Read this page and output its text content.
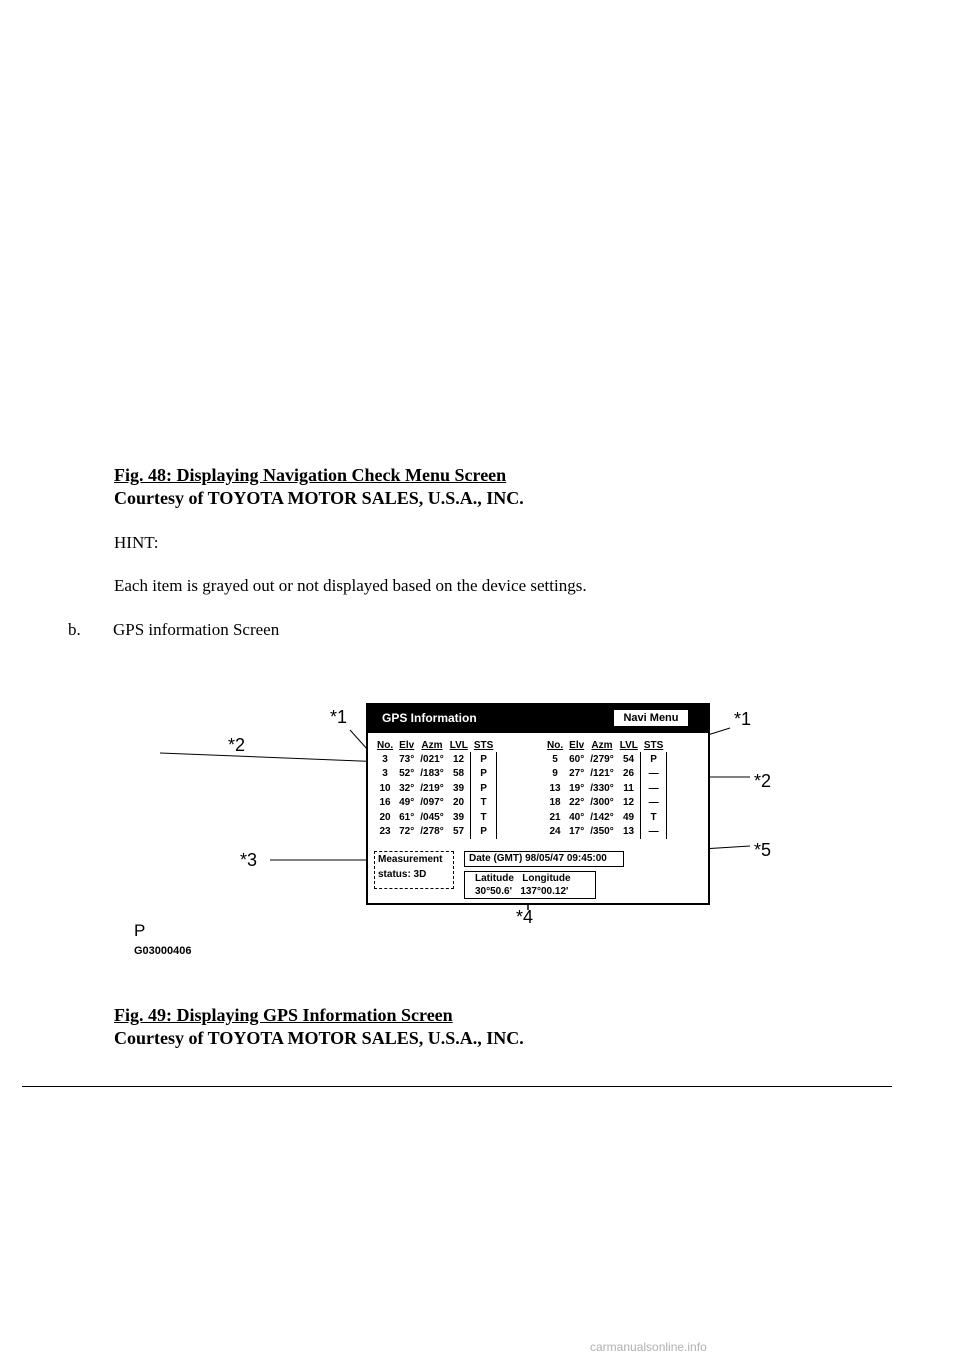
Fig. 48: Displaying Navigation Check Menu Screen
Courtesy of TOYOTA MOTOR SALES, U.S.A., INC.
HINT:
Each item is grayed out or not displayed based on the device settings.
b. GPS information Screen
GPS Information	Navi Menu
No.	Elv	Azm	LVL	STS
3	73°	/021°	12	P
3	52°	/183°	58	P
10	32°	/219°	39	P
16	49°	/097°	20	T
20	61°	/045°	39	T
23	72°	/278°	57	P
No.	Elv	Azm	LVL	STS
5	60°	/279°	54	P
9	27°	/121°	26	—
13	19°	/330°	11	—
18	22°	/300°	12	—
21	40°	/142°	49	T
24	17°	/350°	13	—
Measurement
status: 3D
Date (GMT) 98/05/47 09:45:00
Latitude Longitude
30°50.6' 137°00.12'
*1
*2
*1
*2
*3
*4
*5
P
G03000406
Fig. 49: Displaying GPS Information Screen
Courtesy of TOYOTA MOTOR SALES, U.S.A., INC.
carmanualsonline.info
